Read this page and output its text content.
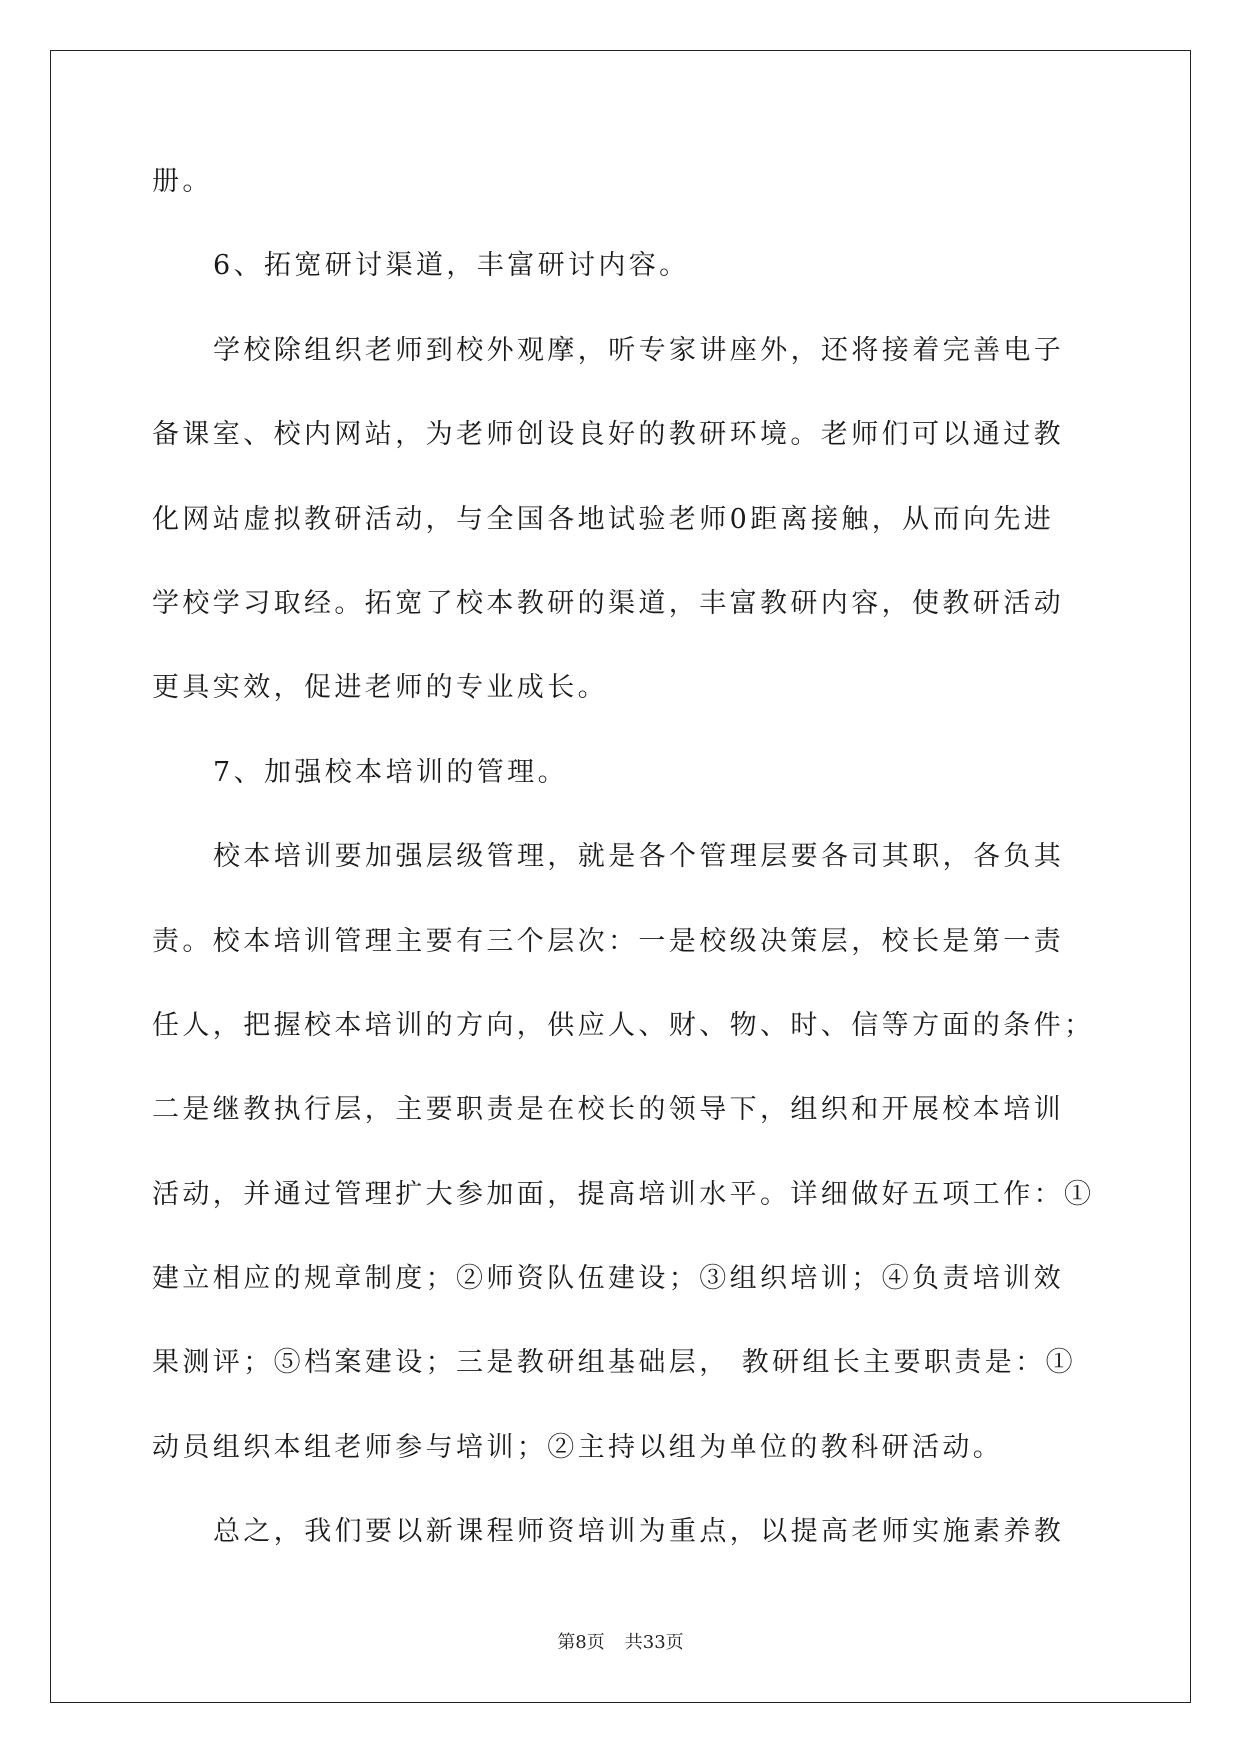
册。
6、拓宽研讨渠道，丰富研讨内容。
学校除组织老师到校外观摩，听专家讲座外，还将接着完善电子
备课室、校内网站，为老师创设良好的教研环境。老师们可以通过教
化网站虚拟教研活动，与全国各地试验老师0距离接触，从而向先进
学校学习取经。拓宽了校本教研的渠道，丰富教研内容，使教研活动
更具实效，促进老师的专业成长。
7、加强校本培训的管理。
校本培训要加强层级管理，就是各个管理层要各司其职，各负其
责。校本培训管理主要有三个层次：一是校级决策层，校长是第一责
任人，把握校本培训的方向，供应人、财、物、时、信等方面的条件；
二是继教执行层，主要职责是在校长的领导下，组织和开展校本培训
活动，并通过管理扩大参加面，提高培训水平。详细做好五项工作：①
建立相应的规章制度；②师资队伍建设；③组织培训；④负责培训效
果测评；⑤档案建设；三是教研组基础层， 教研组长主要职责是：①
动员组织本组老师参与培训；②主持以组为单位的教科研活动。
总之，我们要以新课程师资培训为重点，以提高老师实施素养教
第8页 共33页
